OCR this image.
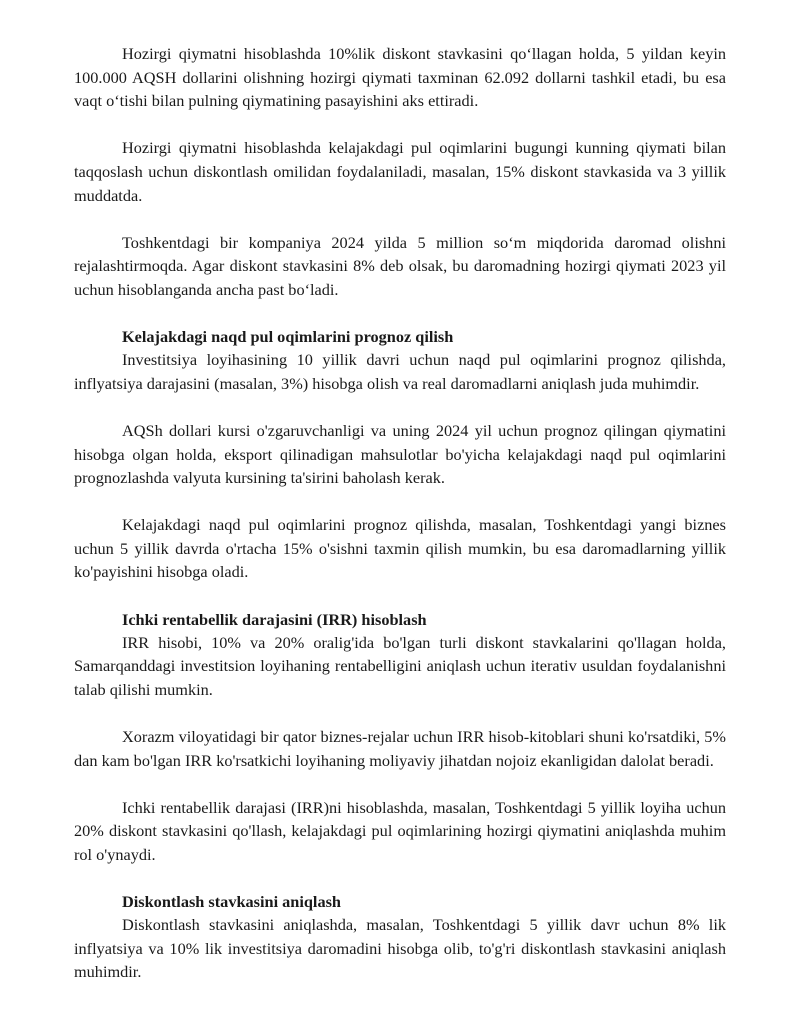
Hozirgi qiymatni hisoblashda 10%lik diskont stavkasini qo‘llagan holda, 5 yildan keyin 100.000 AQSH dollarini olishning hozirgi qiymati taxminan 62.092 dollarni tashkil etadi, bu esa vaqt o‘tishi bilan pulning qiymatining pasayishini aks ettiradi.

Hozirgi qiymatni hisoblashda kelajakdagi pul oqimlarini bugungi kunning qiymati bilan taqqoslash uchun diskontlash omilidan foydalaniladi, masalan, 15% diskont stavkasida va 3 yillik muddatda.

Toshkentdagi bir kompaniya 2024 yilda 5 million so‘m miqdorida daromad olishni rejalashtirmoqda. Agar diskont stavkasini 8% deb olsak, bu daromadning hozirgi qiymati 2023 yil uchun hisoblanganda ancha past bo‘ladi.

Kelajakdagi naqd pul oqimlarini prognoz qilish

Investitsiya loyihasining 10 yillik davri uchun naqd pul oqimlarini prognoz qilishda, inflyatsiya darajasini (masalan, 3%) hisobga olish va real daromadlarni aniqlash juda muhimdir.

AQSh dollari kursi o'zgaruvchanligi va uning 2024 yil uchun prognoz qilingan qiymatini hisobga olgan holda, eksport qilinadigan mahsulotlar bo'yicha kelajakdagi naqd pul oqimlarini prognozlashda valyuta kursining ta'sirini baholash kerak.

Kelajakdagi naqd pul oqimlarini prognoz qilishda, masalan, Toshkentdagi yangi biznes uchun 5 yillik davrda o'rtacha 15% o'sishni taxmin qilish mumkin, bu esa daromadlarning yillik ko'payishini hisobga oladi.

Ichki rentabellik darajasini (IRR) hisoblash

IRR hisobi, 10% va 20% oralig'ida bo'lgan turli diskont stavkalarini qo'llagan holda, Samarqanddagi investitsion loyihaning rentabelligini aniqlash uchun iterativ usuldan foydalanishni talab qilishi mumkin.

Xorazm viloyatidagi bir qator biznes-rejalar uchun IRR hisob-kitoblari shuni ko'rsatdiki, 5% dan kam bo'lgan IRR ko'rsatkichi loyihaning moliyaviy jihatdan nojoiz ekanligidan dalolat beradi.

Ichki rentabellik darajasi (IRR)ni hisoblashda, masalan, Toshkentdagi 5 yillik loyiha uchun 20% diskont stavkasini qo'llash, kelajakdagi pul oqimlarining hozirgi qiymatini aniqlashda muhim rol o'ynaydi.

Diskontlash stavkasini aniqlash

Diskontlash stavkasini aniqlashda, masalan, Toshkentdagi 5 yillik davr uchun 8% lik inflyatsiya va 10% lik investitsiya daromadini hisobga olib, to'g'ri diskontlash stavkasini aniqlash muhimdir.
